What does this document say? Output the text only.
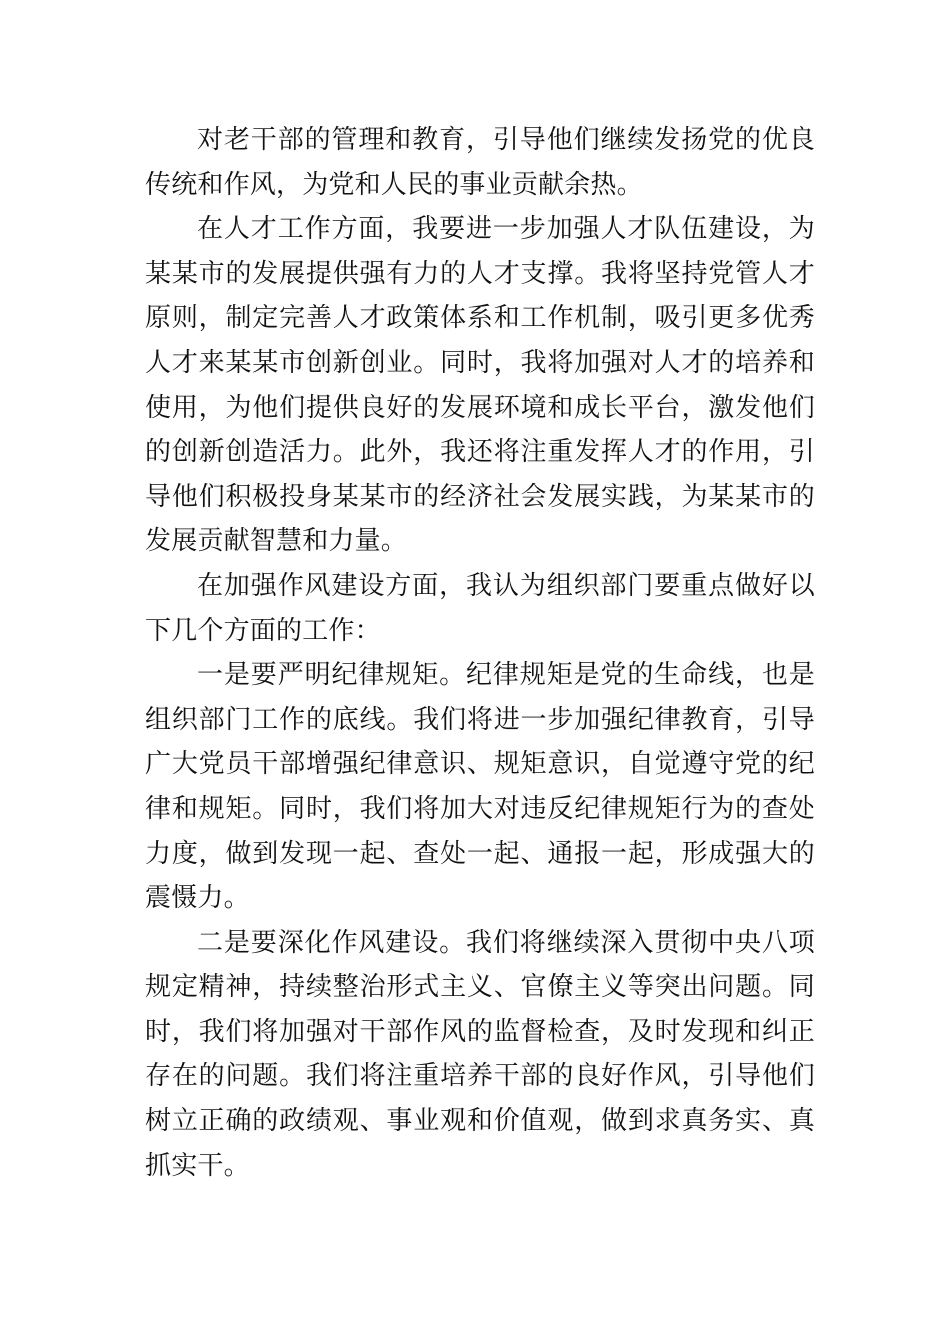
对老干部的管理和教育，引导他们继续发扬党的优良传统和作风，为党和人民的事业贡献余热。

在人才工作方面，我要进一步加强人才队伍建设，为某某市的发展提供强有力的人才支撑。我将坚持党管人才原则，制定完善人才政策体系和工作机制，吸引更多优秀人才来某某市创新创业。同时，我将加强对人才的培养和使用，为他们提供良好的发展环境和成长平台，激发他们的创新创造活力。此外，我还将注重发挥人才的作用，引导他们积极投身某某市的经济社会发展实践，为某某市的发展贡献智慧和力量。

在加强作风建设方面，我认为组织部门要重点做好以下几个方面的工作：

一是要严明纪律规矩。纪律规矩是党的生命线，也是组织部门工作的底线。我们将进一步加强纪律教育，引导广大党员干部增强纪律意识、规矩意识，自觉遵守党的纪律和规矩。同时，我们将加大对违反纪律规矩行为的查处力度，做到发现一起、查处一起、通报一起，形成强大的震慑力。

二是要深化作风建设。我们将继续深入贯彻中央八项规定精神，持续整治形式主义、官僚主义等突出问题。同时，我们将加强对干部作风的监督检查，及时发现和纠正存在的问题。我们将注重培养干部的良好作风，引导他们树立正确的政绩观、事业观和价值观，做到求真务实、真抓实干。
